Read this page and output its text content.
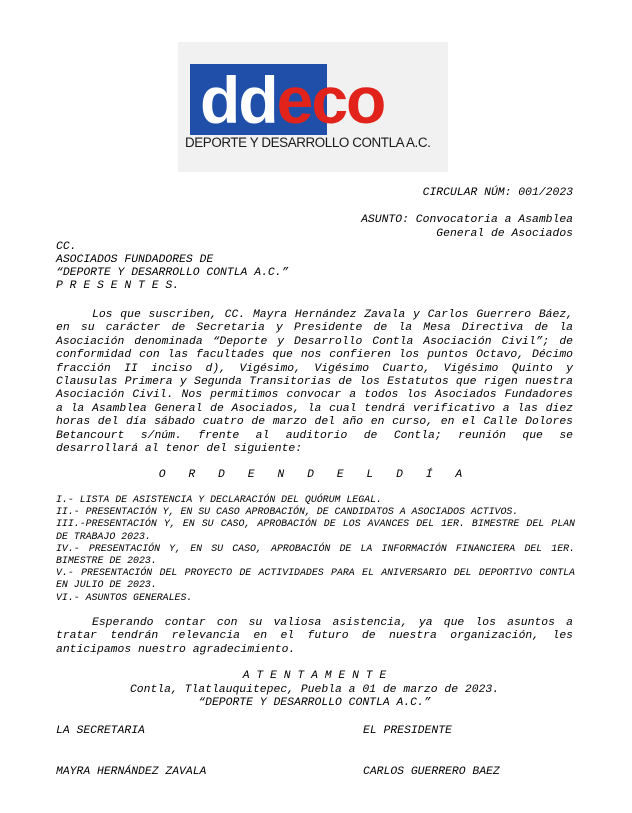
ddeco
DEPORTE Y DESARROLLO CONTLA A.C.
CIRCULAR NÚM: 001/2023
ASUNTO: Convocatoria a Asamblea
General de Asociados
CC.
ASOCIADOS FUNDADORES DE
“DEPORTE Y DESARROLLO CONTLA A.C.”
P R E S E N T E S.
Los que suscriben, CC. Mayra Hernández Zavala y Carlos Guerrero Báez, en su carácter de Secretaria y Presidente de la Mesa Directiva de la Asociación denominada “Deporte y Desarrollo Contla Asociación Civil”; de conformidad con las facultades que nos confieren los puntos Octavo, Décimo fracción II inciso d), Vigésimo, Vigésimo Cuarto, Vigésimo Quinto y Clausulas Primera y Segunda Transitorias de los Estatutos que rigen nuestra Asociación Civil. Nos permitimos convocar a todos los Asociados Fundadores a la Asamblea General de Asociados, la cual tendrá verificativo a las diez horas del día sábado cuatro de marzo del año en curso, en el Calle Dolores Betancourt s/núm. frente al auditorio de Contla; reunión que se desarrollará al tenor del siguiente:
O R D E N D E L D Í A
I.- LISTA DE ASISTENCIA Y DECLARACIÓN DEL QUÓRUM LEGAL.
II.- PRESENTACIÓN Y, EN SU CASO APROBACIÓN, DE CANDIDATOS A ASOCIADOS ACTIVOS.
III.-PRESENTACIÓN Y, EN SU CASO, APROBACIÓN DE LOS AVANCES DEL 1ER. BIMESTRE DEL PLAN DE TRABAJO 2023.
IV.- PRESENTACIÓN Y, EN SU CASO, APROBACIÓN DE LA INFORMACIÓN FINANCIERA DEL 1ER. BIMESTRE DE 2023.
V.- PRESENTACIÓN DEL PROYECTO DE ACTIVIDADES PARA EL ANIVERSARIO DEL DEPORTIVO CONTLA EN JULIO DE 2023.
VI.- ASUNTOS GENERALES.
Esperando contar con su valiosa asistencia, ya que los asuntos a tratar tendrán relevancia en el futuro de nuestra organización, les anticipamos nuestro agradecimiento.
A T E N T A M E N T E
Contla, Tlatlauquitepec, Puebla a 01 de marzo de 2023.
“DEPORTE Y DESARROLLO CONTLA A.C.”
LA SECRETARIA	EL PRESIDENTE
MAYRA HERNÁNDEZ ZAVALA	CARLOS GUERRERO BAEZ
